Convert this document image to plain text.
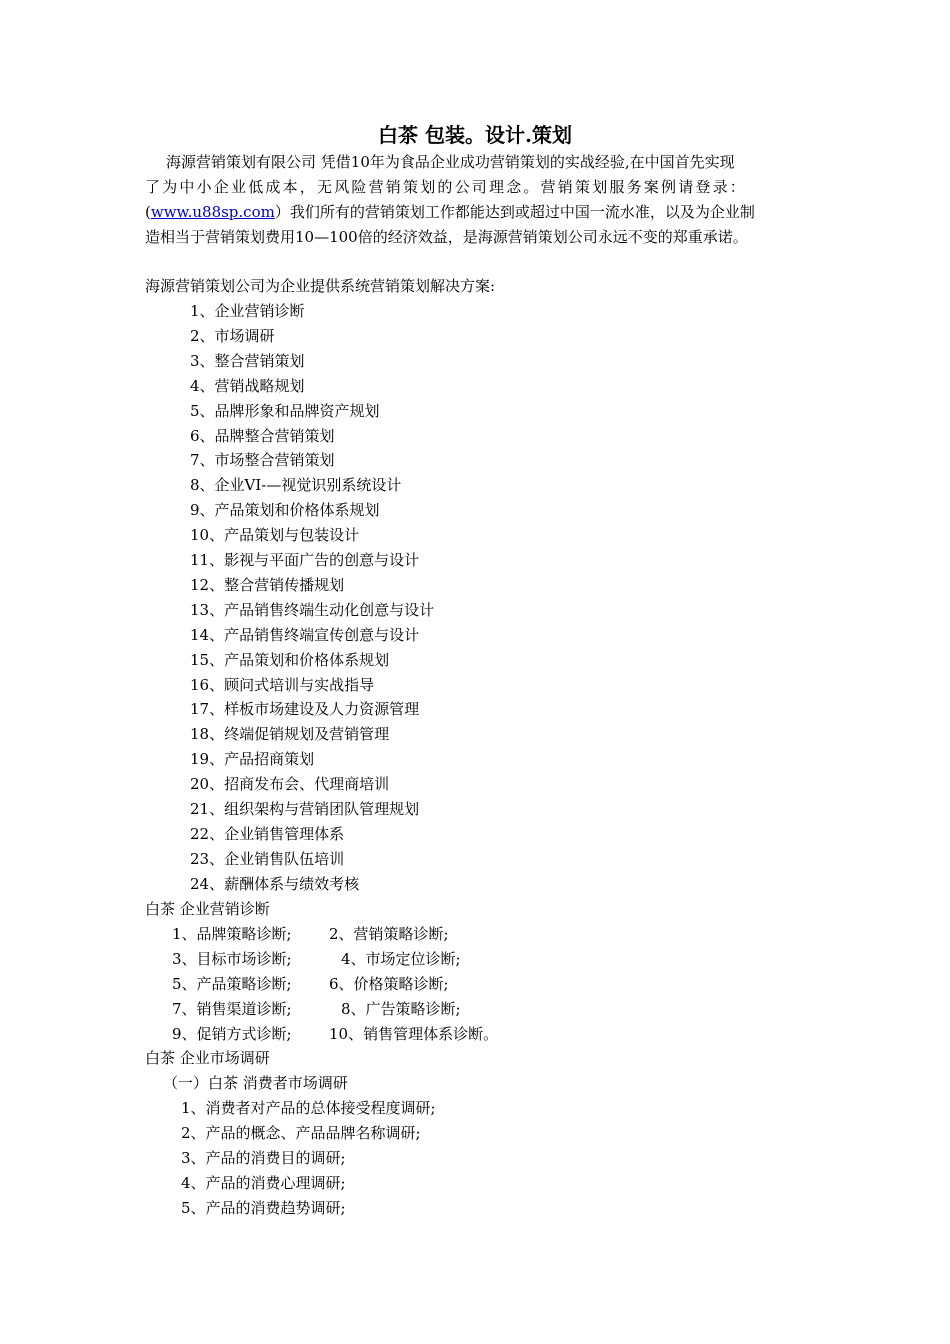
白茶 包装。设计.策划
海源营销策划有限公司 凭借10年为食品企业成功营销策划的实战经验,在中国首先实现
了为中小企业低成本，无风险营销策划的公司理念。营销策划服务案例请登录：
(www.u88sp.com）我们所有的营销策划工作都能达到或超过中国一流水准，以及为企业制
造相当于营销策划费用10—100倍的经济效益，是海源营销策划公司永远不变的郑重承诺。
海源营销策划公司为企业提供系统营销策划解决方案:
1、企业营销诊断
2、市场调研
3、整合营销策划
4、营销战略规划
5、品牌形象和品牌资产规划
6、品牌整合营销策划
7、市场整合营销策划
8、企业VI-—视觉识别系统设计
9、产品策划和价格体系规划
10、产品策划与包装设计
11、影视与平面广告的创意与设计
12、整合营销传播规划
13、产品销售终端生动化创意与设计
14、产品销售终端宣传创意与设计
15、产品策划和价格体系规划
16、顾问式培训与实战指导
17、样板市场建设及人力资源管理
18、终端促销规划及营销管理
19、产品招商策划
20、招商发布会、代理商培训
21、组织架构与营销团队管理规划
22、企业销售管理体系
23、企业销售队伍培训
24、薪酬体系与绩效考核
白茶 企业营销诊断
1、品牌策略诊断; 2、营销策略诊断;
3、目标市场诊断;	4、市场定位诊断;
5、产品策略诊断; 6、价格策略诊断;
7、销售渠道诊断;	8、广告策略诊断;
9、促销方式诊断; 10、销售管理体系诊断。
白茶 企业市场调研
（一）白茶 消费者市场调研
1、消费者对产品的总体接受程度调研;
2、产品的概念、产品品牌名称调研;
3、产品的消费目的调研;
4、产品的消费心理调研;
5、产品的消费趋势调研;
